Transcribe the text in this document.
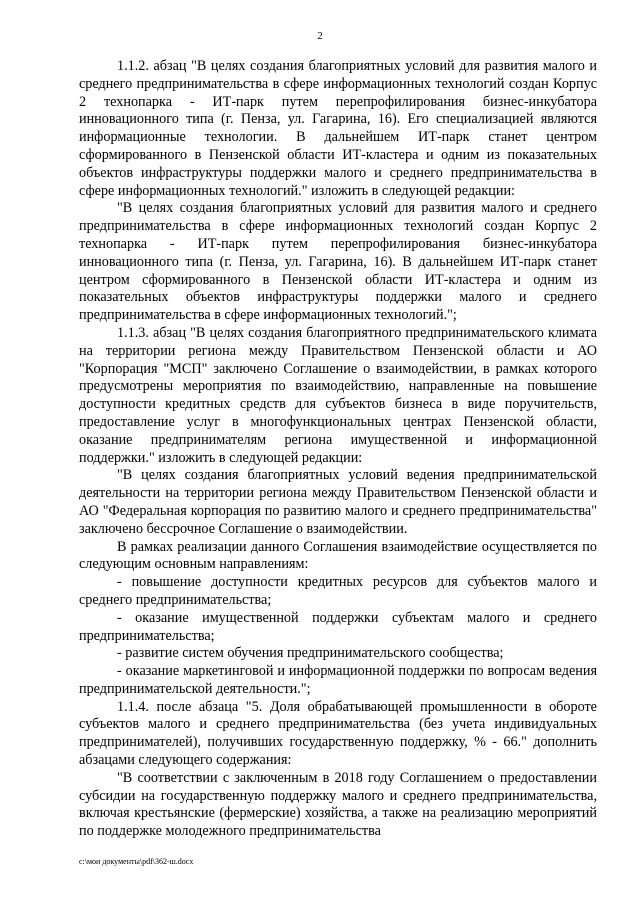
2

1.1.2. абзац "В целях создания благоприятных условий для развития малого и среднего предпринимательства в сфере информационных технологий создан Корпус 2 технопарка - ИТ-парк путем перепрофилирования бизнес-инкубатора инновационного типа (г. Пенза, ул. Гагарина, 16). Его специализацией являются информационные технологии. В дальнейшем ИТ-парк станет центром сформированного в Пензенской области ИТ-кластера и одним из показательных объектов инфраструктуры поддержки малого и среднего предпринимательства в сфере информационных технологий." изложить в следующей редакции:

"В целях создания благоприятных условий для развития малого и среднего предпринимательства в сфере информационных технологий создан Корпус 2 технопарка - ИТ-парк путем перепрофилирования бизнес-инкубатора инновационного типа (г. Пенза, ул. Гагарина, 16). В дальнейшем ИТ-парк станет центром сформированного в Пензенской области ИТ-кластера и одним из показательных объектов инфраструктуры поддержки малого и среднего предпринимательства в сфере информационных технологий.";

1.1.3. абзац "В целях создания благоприятного предпринимательского климата на территории региона между Правительством Пензенской области и АО "Корпорация "МСП" заключено Соглашение о взаимодействии, в рамках которого предусмотрены мероприятия по взаимодействию, направленные на повышение доступности кредитных средств для субъектов бизнеса в виде поручительств, предоставление услуг в многофункциональных центрах Пензенской области, оказание предпринимателям региона имущественной и информационной поддержки." изложить в следующей редакции:

"В целях создания благоприятных условий ведения предпринимательской деятельности на территории региона между Правительством Пензенской области и АО "Федеральная корпорация по развитию малого и среднего предпринимательства" заключено бессрочное Соглашение о взаимодействии.

В рамках реализации данного Соглашения взаимодействие осуществляется по следующим основным направлениям:

- повышение доступности кредитных ресурсов для субъектов малого и среднего предпринимательства;

- оказание имущественной поддержки субъектам малого и среднего предпринимательства;

- развитие систем обучения предпринимательского сообщества;

- оказание маркетинговой и информационной поддержки по вопросам ведения предпринимательской деятельности.";

1.1.4. после абзаца "5. Доля обрабатывающей промышленности в обороте субъектов малого и среднего предпринимательства (без учета индивидуальных предпринимателей), получивших государственную поддержку, % - 66." дополнить абзацами следующего содержания:

"В соответствии с заключенным в 2018 году Соглашением о предоставлении субсидии на государственную поддержку малого и среднего предпринимательства, включая крестьянские (фермерские) хозяйства, а также на реализацию мероприятий по поддержке молодежного предпринимательства

c:\мои документы\pdf\362-ш.docx
